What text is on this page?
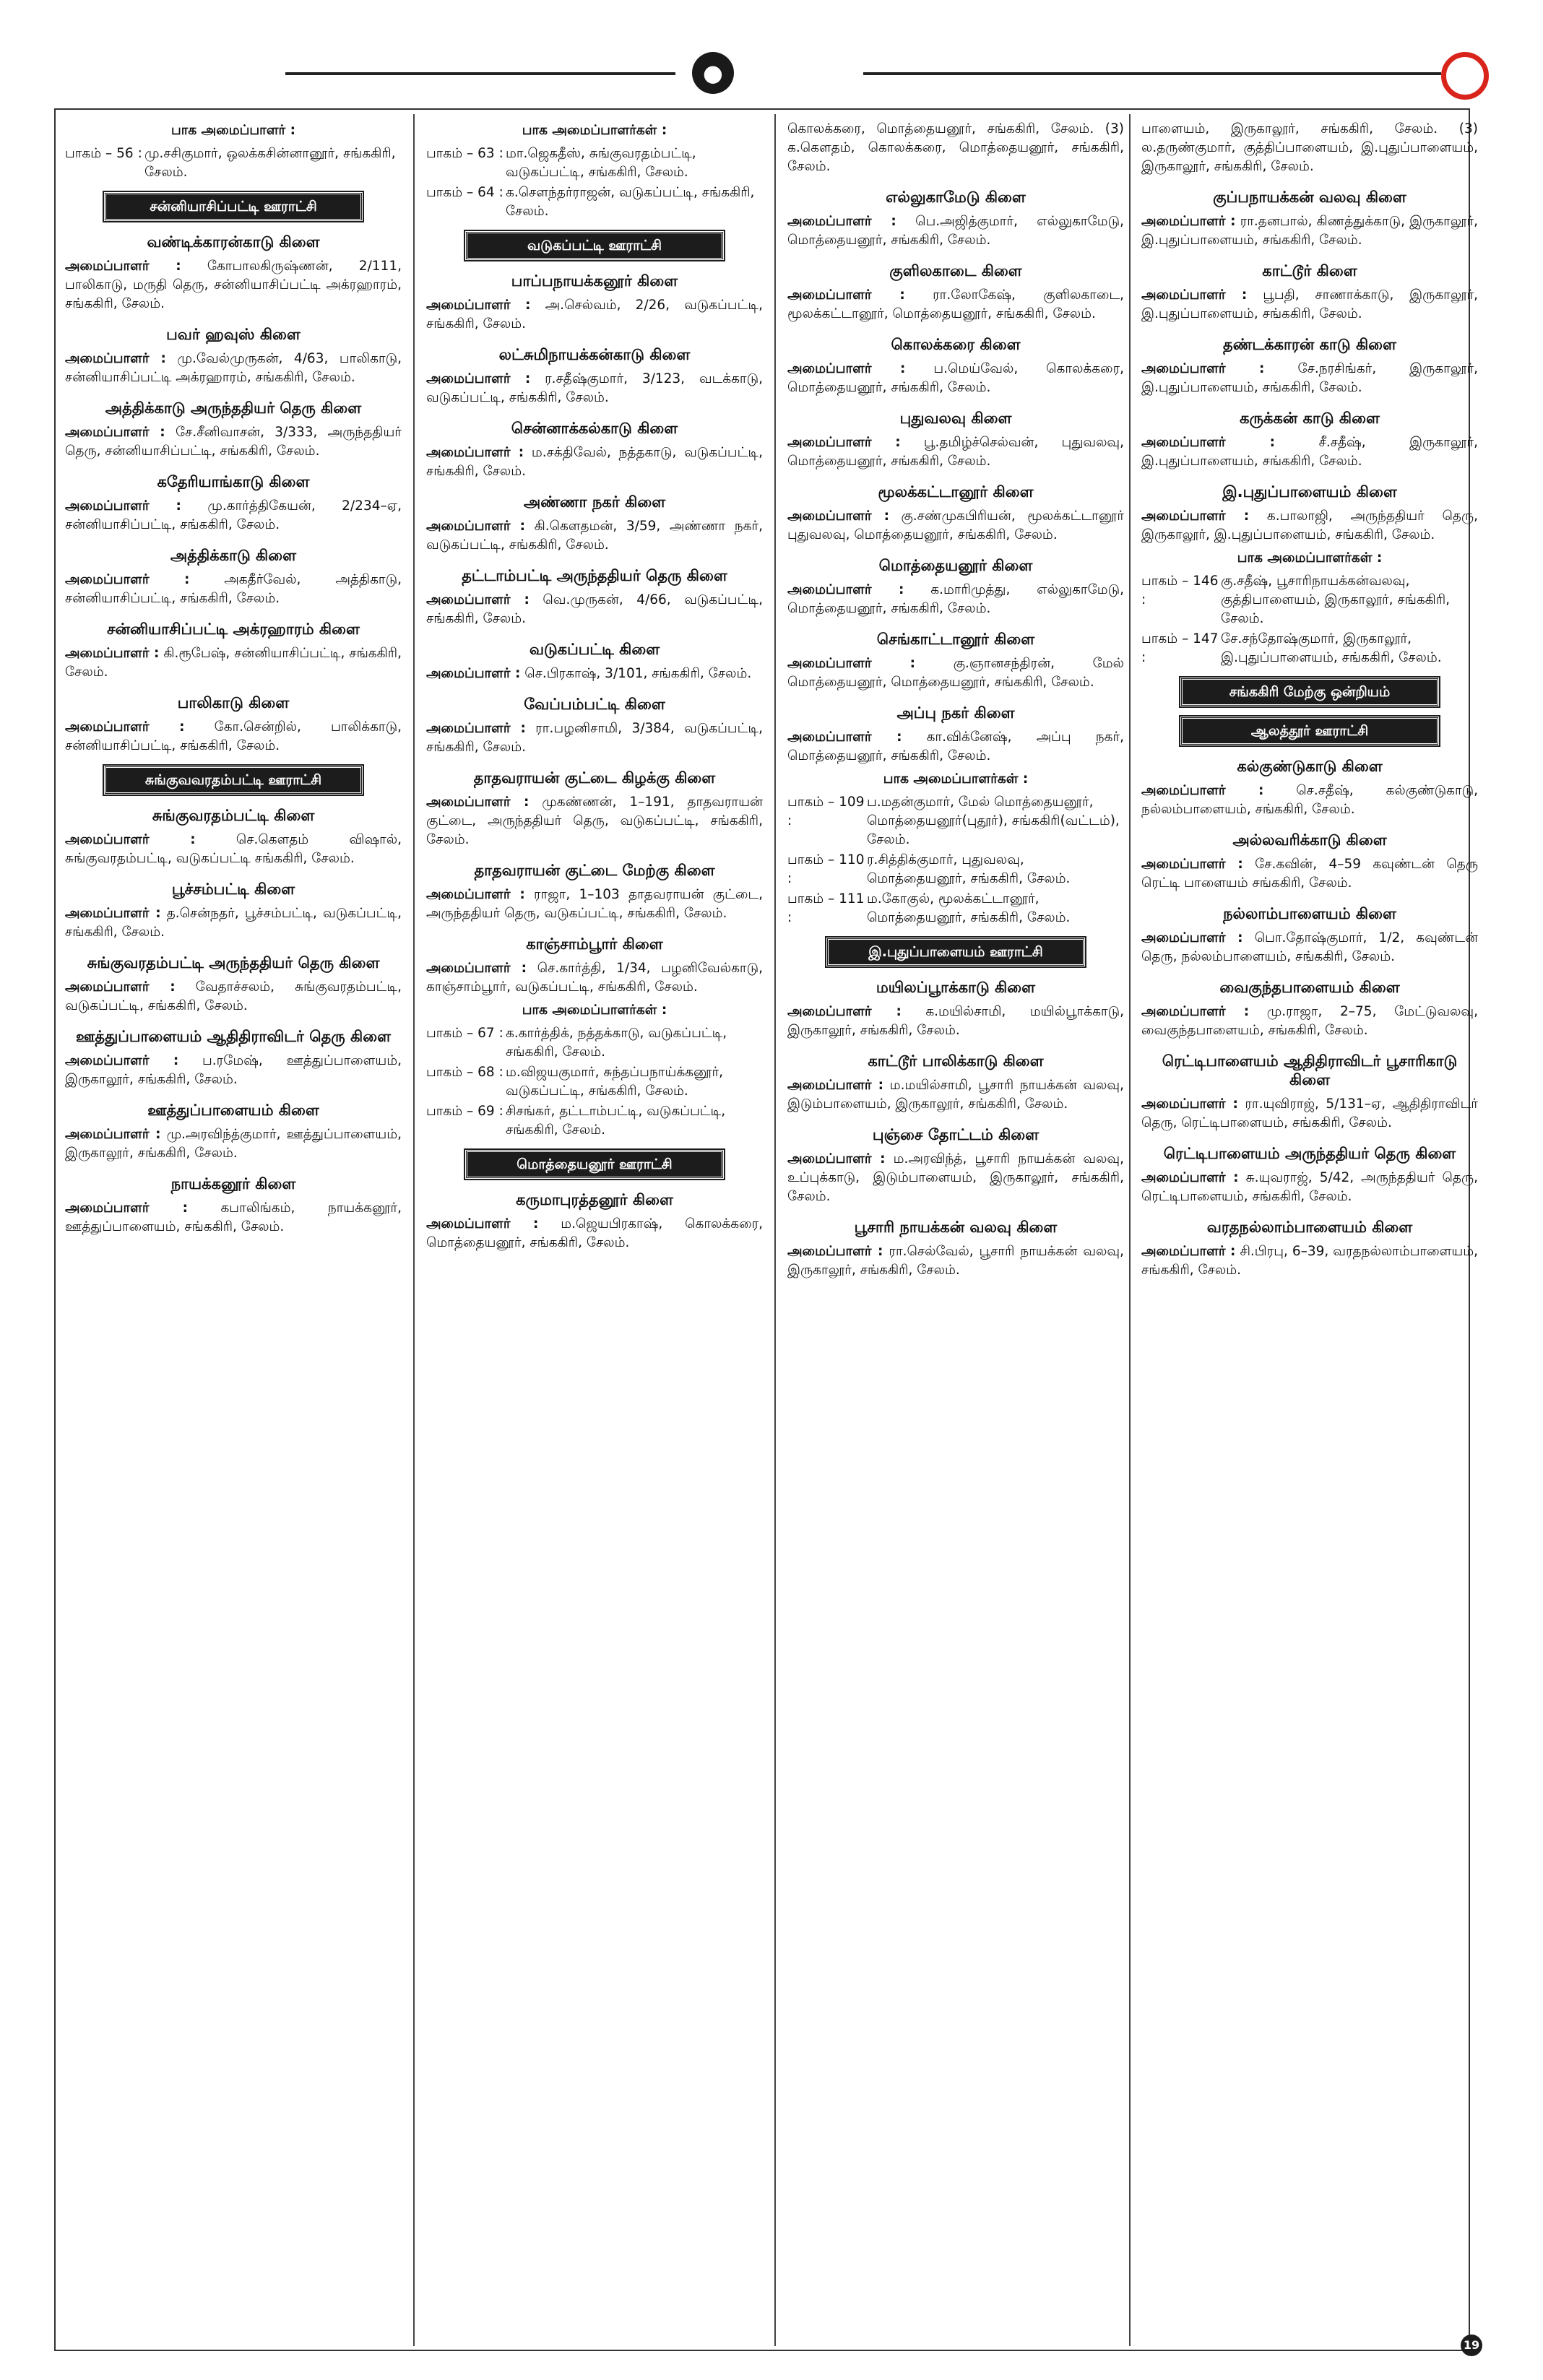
●
பாக அமைப்பாளர் :
பாகம் – 56 : மு.சசிகுமார், ஒலக்கசின்னானூர், சங்ககிரி, சேலம்.
சன்னியாசிப்பட்டி ஊராட்சி
வண்டிக்காரன்காடு கிளை
அமைப்பாளர் : கோபாலகிருஷ்ணன், 2/111, பாலிகாடு, மருதி தெரு, சன்னியாசிப்பட்டி அக்ரஹாரம், சங்ககிரி, சேலம்.
பவர் ஹவுஸ் கிளை
அமைப்பாளர் : மு.வேல்முருகன், 4/63, பாலிகாடு, சன்னியாசிப்பட்டி அக்ரஹாரம், சங்ககிரி, சேலம்.
அத்திக்காடு அருந்ததியர் தெரு கிளை
அமைப்பாளர் : சே.சீனிவாசன், 3/333, அருந்ததியர் தெரு, சன்னியாசிப்பட்டி, சங்ககிரி, சேலம்.
கதேரியாங்காடு கிளை
அமைப்பாளர் : மு.கார்த்திகேயன், 2/234–ஏ, சன்னியாசிப்பட்டி, சங்ககிரி, சேலம்.
அத்திக்காடு கிளை
அமைப்பாளர் :	அகதீர்வேல், அத்திகாடு, சன்னியாசிப்பட்டி, சங்ககிரி, சேலம்.
சன்னியாசிப்பட்டி அக்ரஹாரம் கிளை
அமைப்பாளர் : கி.ரூபேஷ், சன்னியாசிப்பட்டி, சங்ககிரி, சேலம்.
பாலிகாடு கிளை
அமைப்பாளர் : கோ.சென்றில், பாலிக்காடு, சன்னியாசிப்பட்டி, சங்ககிரி, சேலம்.
சுங்குவவரதம்பட்டி ஊராட்சி
சுங்குவரதம்பட்டி கிளை
அமைப்பாளர் :	செ.கௌதம் விஷால், சுங்குவரதம்பட்டி, வடுகப்பட்டி சங்ககிரி, சேலம்.
பூச்சம்பட்டி கிளை
அமைப்பாளர் : த.சென்நதர், பூச்சம்பட்டி, வடுகப்பட்டி, சங்ககிரி, சேலம்.
சுங்குவரதம்பட்டி அருந்ததியர் தெரு கிளை
அமைப்பாளர் : வேதாச்சலம், சுங்குவரதம்பட்டி, வடுகப்பட்டி, சங்ககிரி, சேலம்.
ஊத்துப்பாளையம் ஆதிதிராவிடர் தெரு கிளை
அமைப்பாளர் : ப.ரமேஷ், ஊத்துப்பாளையம், இருகாலூர், சங்ககிரி, சேலம்.
ஊத்துப்பாளையம் கிளை
அமைப்பாளர் : மு.அரவிந்த்குமார், ஊத்துப்பாளையம், இருகாலூர், சங்ககிரி, சேலம்.
நாயக்கனூர் கிளை
அமைப்பாளர் : கபாலிங்கம், நாயக்கனூர், ஊத்துப்பாளையம், சங்ககிரி, சேலம்.
பாக அமைப்பாளர்கள் :
பாகம் – 63 : மா.ஜெகதீஸ், சுங்குவரதம்பட்டி, வடுகப்பட்டி, சங்ககிரி, சேலம்.
பாகம் – 64 : க.சௌந்தர்ராஜன், வடுகப்பட்டி, சங்ககிரி, சேலம்.
வடுகப்பட்டி ஊராட்சி
பாப்பநாயக்கனூர் கிளை
அமைப்பாளர் : அ.செல்வம், 2/26, வடுகப்பட்டி, சங்ககிரி, சேலம்.
லட்சுமிநாயக்கன்காடு கிளை
அமைப்பாளர் : ர.சதீஷ்குமார், 3/123, வடக்காடு, வடுகப்பட்டி, சங்ககிரி, சேலம்.
சென்னாக்கல்காடு கிளை
அமைப்பாளர் : ம.சக்திவேல், நத்தகாடு, வடுகப்பட்டி, சங்ககிரி, சேலம்.
அண்ணா நகர் கிளை
அமைப்பாளர் : கி.கௌதமன், 3/59, அண்ணா நகர், வடுகப்பட்டி, சங்ககிரி, சேலம்.
தட்டாம்பட்டி அருந்ததியர் தெரு கிளை
அமைப்பாளர் : வெ.முருகன், 4/66, வடுகப்பட்டி, சங்ககிரி, சேலம்.
வடுகப்பட்டி கிளை
அமைப்பாளர் : செ.பிரகாஷ், 3/101, சங்ககிரி, சேலம்.
வேப்பம்பட்டி கிளை
அமைப்பாளர் : ரா.பழனிசாமி, 3/384, வடுகப்பட்டி, சங்ககிரி, சேலம்.
தாதவராயன் குட்டை கிழக்கு கிளை
அமைப்பாளர் : முகண்ணன், 1–191, தாதவராயன் குட்டை, அருந்ததியர் தெரு, வடுகப்பட்டி, சங்ககிரி, சேலம்.
தாதவராயன் குட்டை மேற்கு கிளை
அமைப்பாளர் : ராஜா, 1–103 தாதவராயன் குட்டை, அருந்ததியர் தெரு, வடுகப்பட்டி, சங்ககிரி, சேலம்.
காஞ்சாம்பூார் கிளை
அமைப்பாளர் : செ.கார்த்தி, 1/34, பழனிவேல்காடு, காஞ்சாம்பூார், வடுகப்பட்டி, சங்ககிரி, சேலம்.
பாக அமைப்பாளர்கள் :
பாகம் – 67 : க.கார்த்திக், நத்தக்காடு, வடுகப்பட்டி, சங்ககிரி, சேலம்.
பாகம் – 68 : ம.விஜயகுமார், சுந்தப்பநாய்க்கனூர், வடுகப்பட்டி, சங்ககிரி, சேலம்.
பாகம் – 69 : சிசங்கர், தட்டாம்பட்டி, வடுகப்பட்டி, சங்ககிரி, சேலம்.
மொத்தையனூர் ஊராட்சி
கருமாபுரத்தனூர் கிளை
அமைப்பாளர் : ம.ஜெயபிரகாஷ், கொலக்கரை, மொத்தையனூர், சங்ககிரி, சேலம்.
கொலக்கரை, மொத்தையனூர், சங்ககிரி, சேலம். (3) க.கௌதம், கொலக்கரை, மொத்தையனூர், சங்ககிரி, சேலம்.
எல்லுகாமேடு கிளை
அமைப்பாளர் : பெ.அஜித்குமார், எல்லுகாமேடு, மொத்தையனூர், சங்ககிரி, சேலம்.
குளிலகாடை கிளை
அமைப்பாளர் : ரா.லோகேஷ், குளிலகாடை, மூலக்கட்டானூர், மொத்தையனூர், சங்ககிரி, சேலம்.
கொலக்கரை கிளை
அமைப்பாளர் : ப.மெய்வேல், கொலக்கரை, மொத்தையனூர், சங்ககிரி, சேலம்.
புதுவலவு கிளை
அமைப்பாளர் : பூ.தமிழ்ச்செல்வன், புதுவலவு, மொத்தையனூர், சங்ககிரி, சேலம்.
மூலக்கட்டானூர் கிளை
அமைப்பாளர் : கு.சண்முகபிரியன், மூலக்கட்டானூர் புதுவலவு, மொத்தையனூர், சங்ககிரி, சேலம்.
மொத்தையனூர் கிளை
அமைப்பாளர் : க.மாரிமுத்து, எல்லுகாமேடு, மொத்தையனூர், சங்ககிரி, சேலம்.
செங்காட்டானூர் கிளை
அமைப்பாளர் :	கு.ஞானசந்திரன், மேல் மொத்தையனூர், மொத்தையனூர், சங்ககிரி, சேலம்.
அப்பு நகர் கிளை
அமைப்பாளர் : கா.விக்னேஷ், அப்பு நகர், மொத்தையனூர், சங்ககிரி, சேலம்.
பாக அமைப்பாளர்கள் :
பாகம் – 109 :
ப.மதன்குமார், மேல் மொத்தையனூர், மொத்தையனூர்(புதூர்), சங்ககிரி(வட்டம்), சேலம்.
பாகம் – 110 :
ர.சித்திக்குமார், புதுவலவு, மொத்தையனூர், சங்ககிரி, சேலம்.
பாகம் – 111 :
ம.கோகுல், மூலக்கட்டானூர், மொத்தையனூர், சங்ககிரி, சேலம்.
இ.புதுப்பாளையம் ஊராட்சி
மயிலப்பூாக்காடு கிளை
அமைப்பாளர் : க.மயில்சாமி, மயில்பூாக்காடு, இருகாலூர், சங்ககிரி, சேலம்.
காட்டூர் பாலிக்காடு கிளை
அமைப்பாளர் : ம.மயில்சாமி, பூசாரி நாயக்கன் வலவு, இடும்பாளையம், இருகாலூர், சங்ககிரி, சேலம்.
புஞ்சை தோட்டம் கிளை
அமைப்பாளர் : ம.அரவிந்த், பூசாரி நாயக்கன் வலவு, உப்புக்காடு, இடும்பாளையம், இருகாலூர், சங்ககிரி, சேலம்.
பூசாரி நாயக்கன் வலவு கிளை
அமைப்பாளர் : ரா.செல்வேல், பூசாரி நாயக்கன் வலவு, இருகாலூர், சங்ககிரி, சேலம்.
பாளையம், இருகாலூர், சங்ககிரி, சேலம். (3) ல.தருண்குமார், குத்திப்பாளையம், இ.புதுப்பாளையம், இருகாலூர், சங்ககிரி, சேலம்.
குப்பநாயக்கன் வலவு கிளை
அமைப்பாளர் : ரா.தனபால், கிணத்துக்காடு, இருகாலூர், இ.புதுப்பாளையம், சங்ககிரி, சேலம்.
காட்டூர் கிளை
அமைப்பாளர் : பூபதி, சாணாக்காடு, இருகாலூர், இ.புதுப்பாளையம், சங்ககிரி, சேலம்.
தண்டக்காரன் காடு கிளை
அமைப்பாளர் : சே.நரசிங்கர், இருகாலூர், இ.புதுப்பாளையம், சங்ககிரி, சேலம்.
கருக்கன் காடு கிளை
அமைப்பாளர் :	சீ.சதீஷ், இருகாலூர், இ.புதுப்பாளையம், சங்ககிரி, சேலம்.
இ.புதுப்பாளையம் கிளை
அமைப்பாளர் : க.பாலாஜி, அருந்ததியர் தெரு, இருகாலூர், இ.புதுப்பாளையம், சங்ககிரி, சேலம்.
பாக அமைப்பாளர்கள் :
பாகம் – 146 :
கு.சதீஷ், பூசாரிநாயக்கன்வலவு, குத்திபாளையம், இருகாலூர், சங்ககிரி, சேலம்.
பாகம் – 147 :
சே.சந்தோஷ்குமார், இருகாலூர், இ.புதுப்பாளையம், சங்ககிரி, சேலம்.
சங்ககிரி மேற்கு ஒன்றியம்
ஆலத்தூர் ஊராட்சி
கல்குண்டுகாடு கிளை
அமைப்பாளர் : செ.சதீஷ், கல்குண்டுகாடு, நல்லம்பாளையம், சங்ககிரி, சேலம்.
அல்லவரிக்காடு கிளை
அமைப்பாளர் : சே.கவின், 4–59 கவுண்டன் தெரு ரெட்டி பாளையம் சங்ககிரி, சேலம்.
நல்லாம்பாளையம் கிளை
அமைப்பாளர் : பொ.தோஷ்குமார், 1/2, கவுண்டன் தெரு, நல்லம்பாளையம், சங்ககிரி, சேலம்.
வைகுந்தபாளையம் கிளை
அமைப்பாளர் : மு.ராஜா, 2–75, மேட்டுவலவு, வைகுந்தபாளையம், சங்ககிரி, சேலம்.
ரெட்டிபாளையம் ஆதிதிராவிடர் பூசாரிகாடு கிளை
அமைப்பாளர் : ரா.யுவிராஜ், 5/131–ஏ, ஆதிதிராவிடர் தெரு, ரெட்டிபாளையம், சங்ககிரி, சேலம்.
ரெட்டிபாளையம் அருந்ததியர் தெரு கிளை
அமைப்பாளர் : சு.யுவராஜ், 5/42, அருந்ததியர் தெரு, ரெட்டிபாளையம், சங்ககிரி, சேலம்.
வரதநல்லாம்பாளையம் கிளை
அமைப்பாளர் : சி.பிரபு, 6–39, வரதநல்லாம்பாளையம், சங்ககிரி, சேலம்.
19
